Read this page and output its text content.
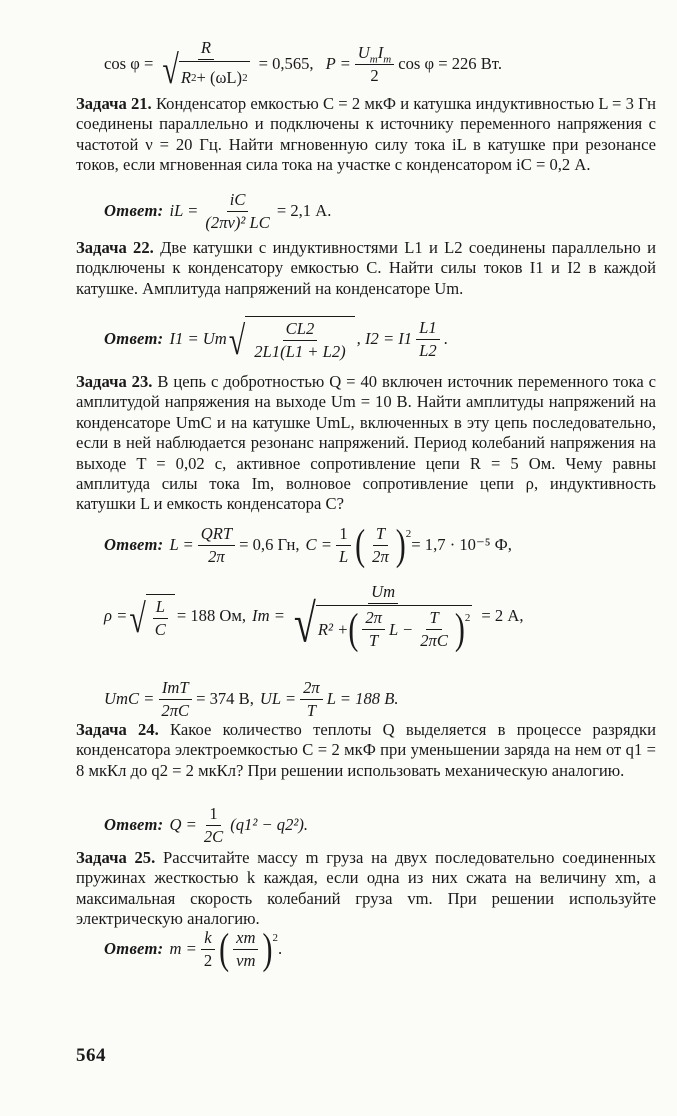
$\cos \varphi = \frac{R}{√ R 2 + (\omega L) 2} = 0,565$, $P = \frac{U_mI_m}{2}$ cos φ = 226 Вт.

Задача 21. Конденсатор емкостью C = 2 мкФ и катушка индуктивностью L = 3 Гн соединены параллельно и подключены к источнику переменного напряжения с частотой ν = 20 Гц. Найти мгновенную силу тока iL в катушке при резонансе токов, если мгновенная сила тока на участке с конденсатором iC = 0,2 А.

Ответ: iL = $\frac{iC}{\text{(2πν)² LC}} = 2,1$ А.

Задача 22. Две катушки с индуктивностями L1 и L2 соединены параллельно и подключены к конденсатору емкостью C. Найти силы токов I1 и I2 в каждой катушке. Амплитуда напряжений на конденсаторе Um.

Ответ: I1 = Um √ $\frac{CL2}{2L1(L1 + L2)}$ , $I2 = I1 \frac{L1}{L2}$ .

Задача 23. В цепь с добротностью Q = 40 включен источник переменного тока с амплитудой напряжения на выходе Um = 10 В. Найти амплитуды напряжений на конденсаторе UmC и на катушке UmL, включенных в эту цепь последовательно, если в ней наблюдается резонанс напряжений. Период колебаний напряжения на выходе T = 0,02 с, активное сопротивление цепи R = 5 Ом. Чему равны амплитуда силы тока Im, волновое сопротивление цепи ρ, индуктивность катушки L и емкость конденсатора C?

Ответ: $L = \frac{\text{QRT}}{2\pi} = 0,6$ Гн, $C = \frac{1}{L}$ ( $\frac{T}{2\pi} )^2$
= 1,7 · 10⁻⁵ Ф,
ρ = √ $\frac{L}{C} = 188$ Ом, Im =
Um
√ R² + ( $\frac{2\pi}{T}$ $L - \frac{T}{2\pi C} )^2 = 2$ А,
UmC = $\frac{\text{ImT}}{2\pi C} = 374$ В, UL = $\frac{2\pi}{T}$ L = 188 В.

Задача 24. Какое количество теплоты Q выделяется в процессе разрядки конденсатора электроемкостью C = 2 мкФ при уменьшении заряда на нем от q1 = 8 мкКл до q2 = 2 мкКл? При решении использовать механическую аналогию.

Ответ: $Q = \frac{1}{2C} (q1^2 - q2^2)$.

Задача 25. Рассчитайте массу m груза на двух последовательно соединенных пружинах жесткостью k каждая, если одна из них сжата на величину xm, а максимальная скорость колебаний груза vm. При решении используйте электрическую аналогию.

Ответ: $m = \frac{k}{2}$ ( $\frac{xm}{vm} )^2$
.
564
